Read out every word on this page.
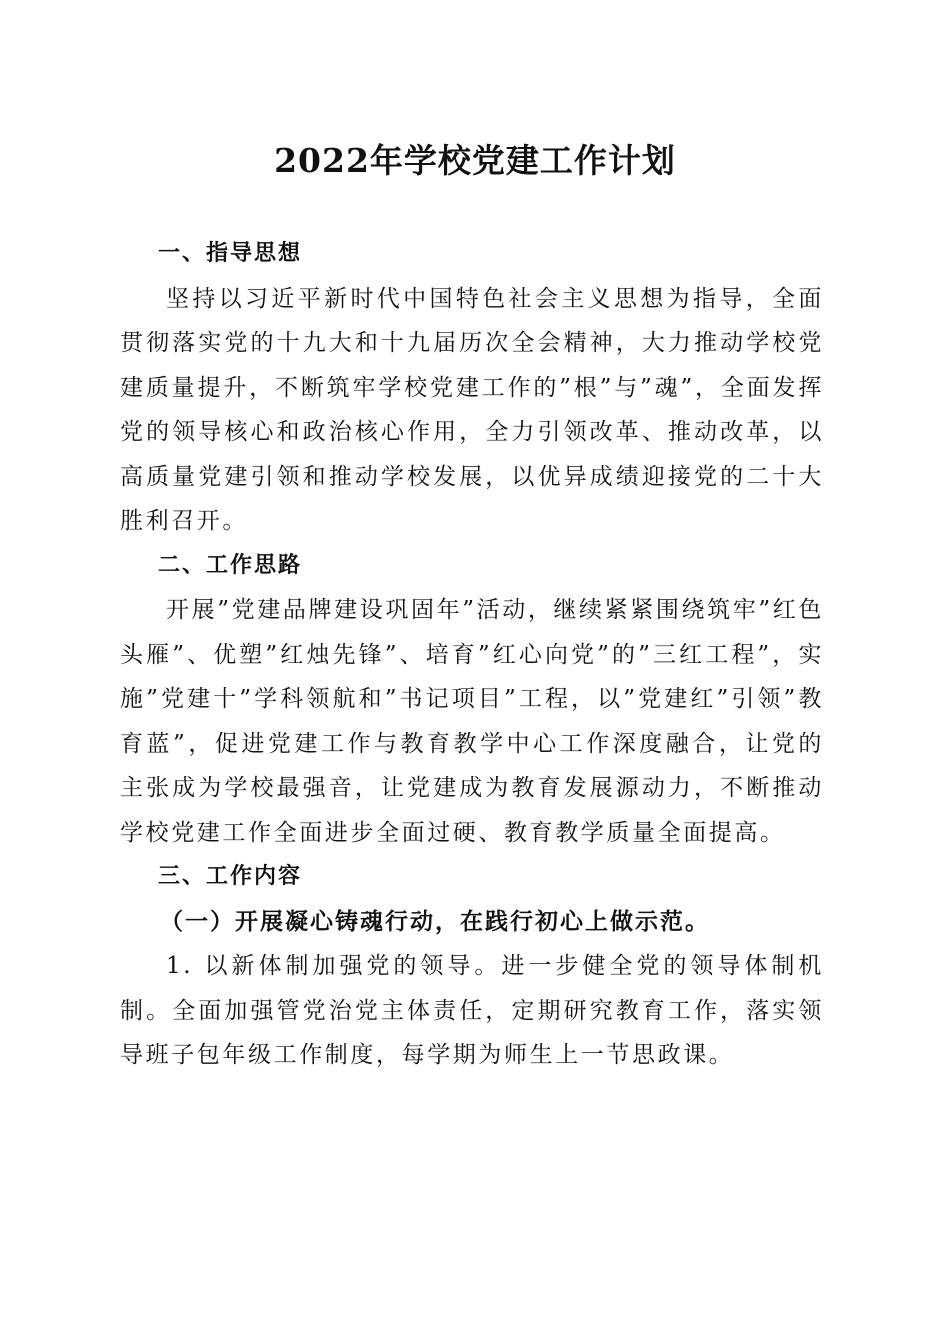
2022年学校党建工作计划

一、指导思想

坚持以习近平新时代中国特色社会主义思想为指导，全面贯彻落实党的十九大和十九届历次全会精神，大力推动学校党建质量提升，不断筑牢学校党建工作的”根”与”魂”，全面发挥党的领导核心和政治核心作用，全力引领改革、推动改革，以高质量党建引领和推动学校发展，以优异成绩迎接党的二十大胜利召开。

二、工作思路

开展”党建品牌建设巩固年”活动，继续紧紧围绕筑牢”红色头雁”、优塑”红烛先锋”、培育”红心向党”的”三红工程”，实施”党建十”学科领航和”书记项目”工程，以”党建红”引领”教育蓝”，促进党建工作与教育教学中心工作深度融合，让党的主张成为学校最强音，让党建成为教育发展源动力，不断推动学校党建工作全面进步全面过硬、教育教学质量全面提高。

三、工作内容

（一）开展凝心铸魂行动，在践行初心上做示范。

1. 以新体制加强党的领导。进一步健全党的领导体制机制。全面加强管党治党主体责任，定期研究教育工作，落实领导班子包年级工作制度，每学期为师生上一节思政课。
